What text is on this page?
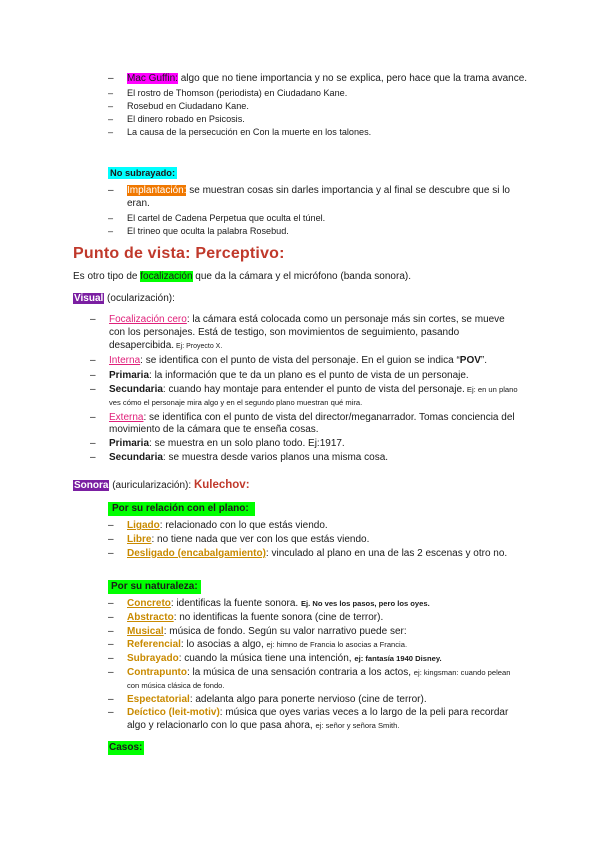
– Mac Guffin: algo que no tiene importancia y no se explica, pero hace que la trama avance.
– El rostro de Thomson (periodista) en Ciudadano Kane.
– Rosebud en Ciudadano Kane.
– El dinero robado en Psicosis.
– La causa de la persecución en Con la muerte en los talones.
No subrayado:
– Implantación: se muestran cosas sin darles importancia y al final se descubre que si lo eran.
– El cartel de Cadena Perpetua que oculta el túnel.
– El trineo que oculta la palabra Rosebud.
Punto de vista: Perceptivo:
Es otro tipo de focalización que da la cámara y el micrófono (banda sonora).
Visual (ocularización):
– Focalización cero: la cámara está colocada como un personaje más sin cortes, se mueve con los personajes. Está de testigo, son movimientos de seguimiento, pasando desapercibida. Ej: Proyecto X.
– Interna: se identifica con el punto de vista del personaje. En el guion se indica “POV”.
– Primaria: la información que te da un plano es el punto de vista de un personaje.
– Secundaria: cuando hay montaje para entender el punto de vista del personaje. Ej: en un plano ves cómo el personaje mira algo y en el segundo plano muestran qué mira.
– Externa: se identifica con el punto de vista del director/meganarrador. Tomas conciencia del movimiento de la cámara que te enseña cosas.
– Primaria: se muestra en un solo plano todo. Ej:1917.
– Secundaria: se muestra desde varios planos una misma cosa.
Sonora (auricularización): Kulechov:
Por su relación con el plano:
– Ligado: relacionado con lo que estás viendo.
– Libre: no tiene nada que ver con los que estás viendo.
– Desligado (encabalgamiento): vinculado al plano en una de las 2 escenas y otro no.
Por su naturaleza:
– Concreto: identificas la fuente sonora. Ej. No ves los pasos, pero los oyes.
– Abstracto: no identificas la fuente sonora (cine de terror).
– Musical: música de fondo. Según su valor narrativo puede ser:
– Referencial: lo asocias a algo, ej: himno de Francia lo asocias a Francia.
– Subrayado: cuando la música tiene una intención, ej: fantasía 1940 Disney.
– Contrapunto: la música de una sensación contraria a los actos, ej: kingsman: cuando pelean con música clásica de fondo.
– Espectatorial: adelanta algo para ponerte nervioso (cine de terror).
– Deíctico (leit-motiv): música que oyes varias veces a lo largo de la peli para recordar algo y relacionarlo con lo que pasa ahora, ej: señor y señora Smith.
Casos:
